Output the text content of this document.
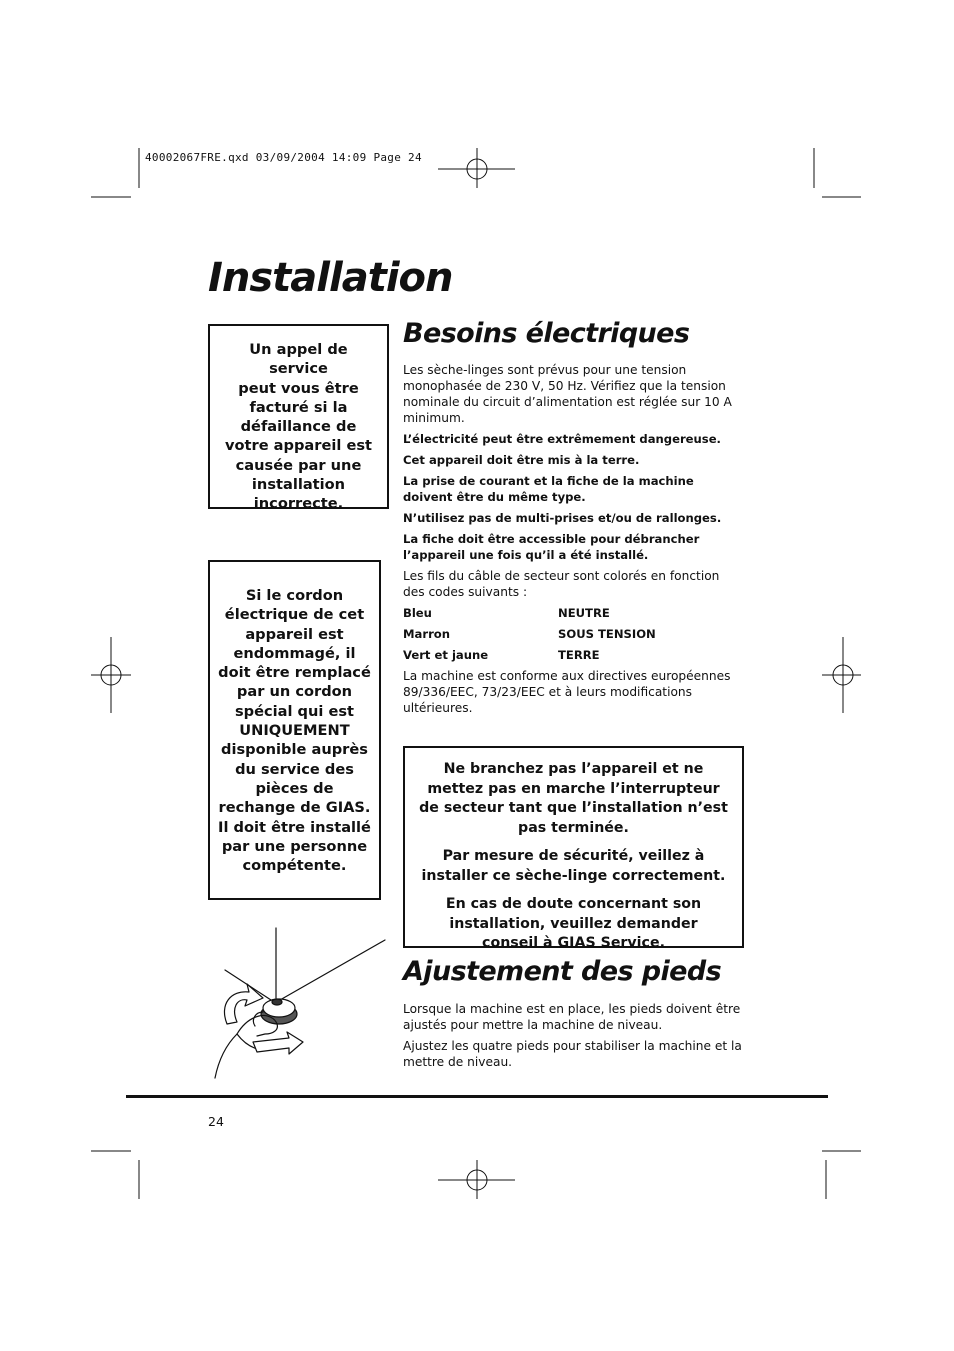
40002067FRE.qxd 03/09/2004 14:09 Page 24
Installation
Un appel de service
peut vous être
facturé si la
défaillance de
votre appareil est
causée par une
installation
incorrecte.
Si le cordon
électrique de cet
appareil est
endommagé, il
doit être remplacé
par un cordon
spécial qui est
UNIQUEMENT
disponible auprès
du service des
pièces de
rechange de GIAS.
Il doit être installé
par une personne
compétente.
Besoins électriques

Les sèche-linges sont prévus pour une tension monophasée de 230 V, 50 Hz. Vérifiez que la tension nominale du circuit d’alimentation est réglée sur 10 A minimum.

L’électricité peut être extrêmement dangereuse.

Cet appareil doit être mis à la terre.

La prise de courant et la fiche de la machine doivent être du même type.

N’utilisez pas de multi-prises et/ou de rallonges.

La fiche doit être accessible pour débrancher l’appareil une fois qu’il a été installé.

Les fils du câble de secteur sont colorés en fonction des codes suivants :

Bleu	NEUTRE
Marron	SOUS TENSION
Vert et jaune	TERRE

La machine est conforme aux directives européennes 89/336/EEC, 73/23/EEC et à leurs modifications ultérieures.

Ne branchez pas l’appareil et ne mettez pas en marche l’interrupteur de secteur tant que l’installation n’est pas terminée.

Par mesure de sécurité, veillez à installer ce sèche-linge correctement.

En cas de doute concernant son installation, veuillez demander conseil à GIAS Service.

Ajustement des pieds

Lorsque la machine est en place, les pieds doivent être ajustés pour mettre la machine de niveau.

Ajustez les quatre pieds pour stabiliser la machine et la mettre de niveau.

24
